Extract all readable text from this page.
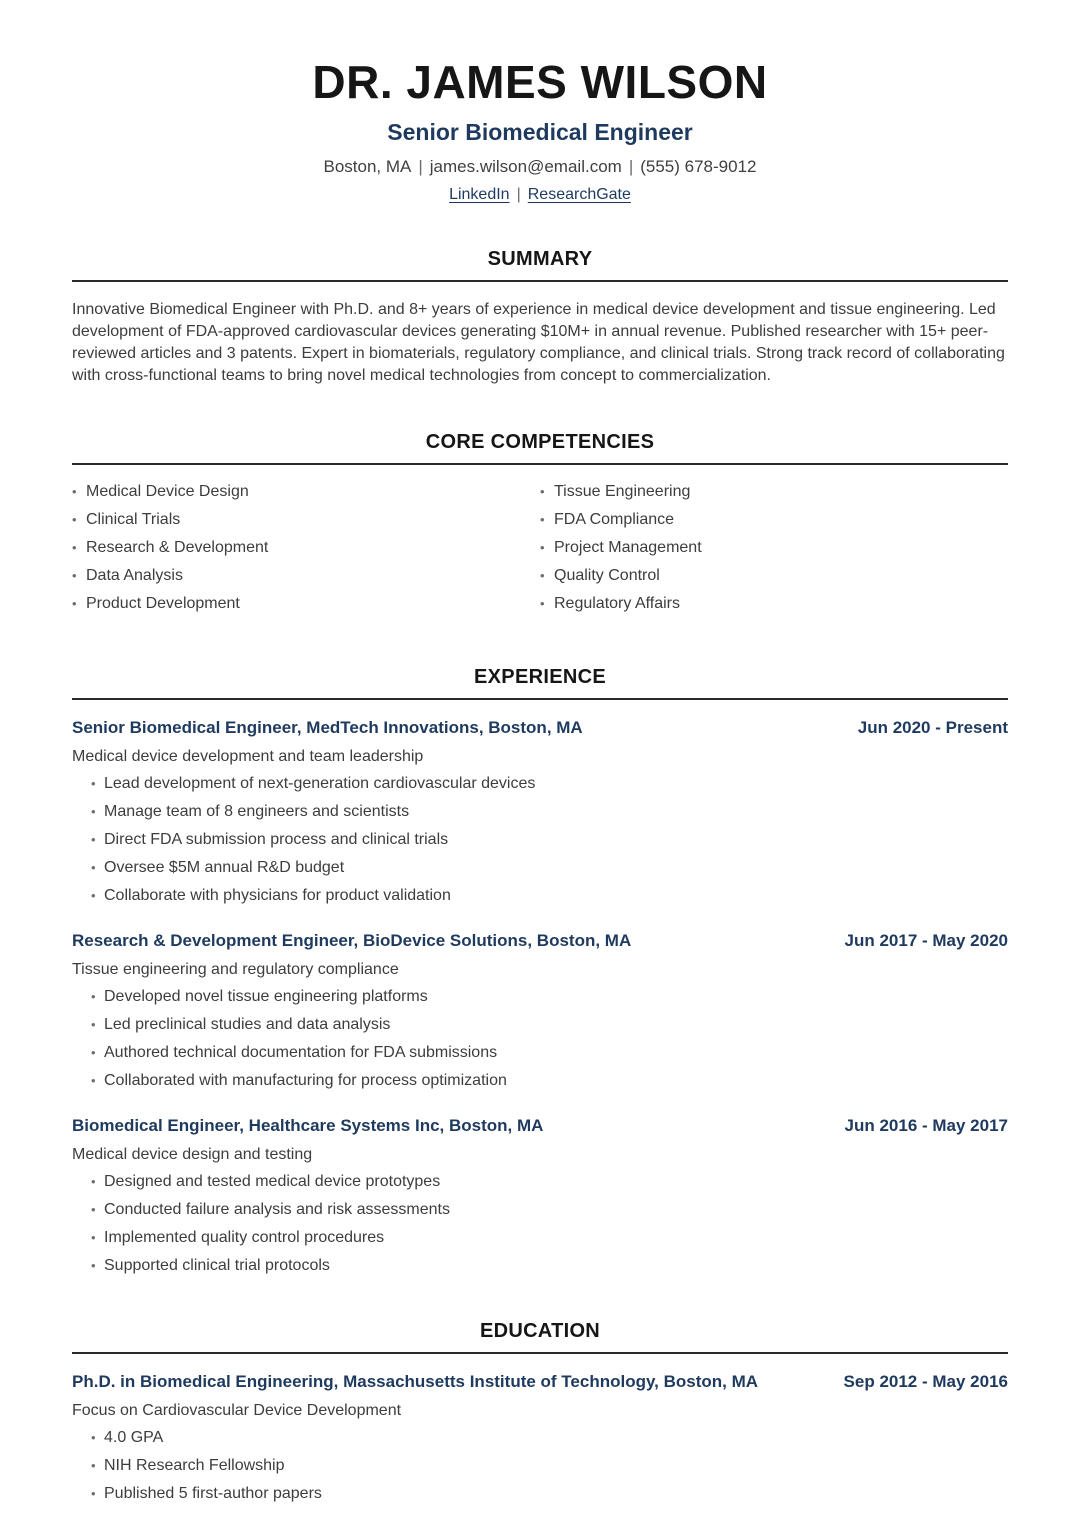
DR. JAMES WILSON
Senior Biomedical Engineer
Boston, MA | james.wilson@email.com | (555) 678-9012
LinkedIn | ResearchGate
SUMMARY

Innovative Biomedical Engineer with Ph.D. and 8+ years of experience in medical device development and tissue engineering. Led development of FDA-approved cardiovascular devices generating $10M+ in annual revenue. Published researcher with 15+ peer-reviewed articles and 3 patents. Expert in biomaterials, regulatory compliance, and clinical trials. Strong track record of collaborating with cross-functional teams to bring novel medical technologies from concept to commercialization.

CORE COMPETENCIES
• Medical Device Design
• Clinical Trials
• Research & Development
• Data Analysis
• Product Development
• Tissue Engineering
• FDA Compliance
• Project Management
• Quality Control
• Regulatory Affairs
EXPERIENCE
Senior Biomedical Engineer, MedTech Innovations, Boston, MA	Jun 2020 - Present

Medical device development and team leadership

• Lead development of next-generation cardiovascular devices
• Manage team of 8 engineers and scientists
• Direct FDA submission process and clinical trials
• Oversee $5M annual R&D budget
• Collaborate with physicians for product validation
Research & Development Engineer, BioDevice Solutions, Boston, MA	Jun 2017 - May 2020

Tissue engineering and regulatory compliance

• Developed novel tissue engineering platforms
• Led preclinical studies and data analysis
• Authored technical documentation for FDA submissions
• Collaborated with manufacturing for process optimization
Biomedical Engineer, Healthcare Systems Inc, Boston, MA	Jun 2016 - May 2017

Medical device design and testing

• Designed and tested medical device prototypes
• Conducted failure analysis and risk assessments
• Implemented quality control procedures
• Supported clinical trial protocols
EDUCATION
Ph.D. in Biomedical Engineering, Massachusetts Institute of Technology, Boston, MA	Sep 2012 - May 2016

Focus on Cardiovascular Device Development

• 4.0 GPA
• NIH Research Fellowship
• Published 5 first-author papers
